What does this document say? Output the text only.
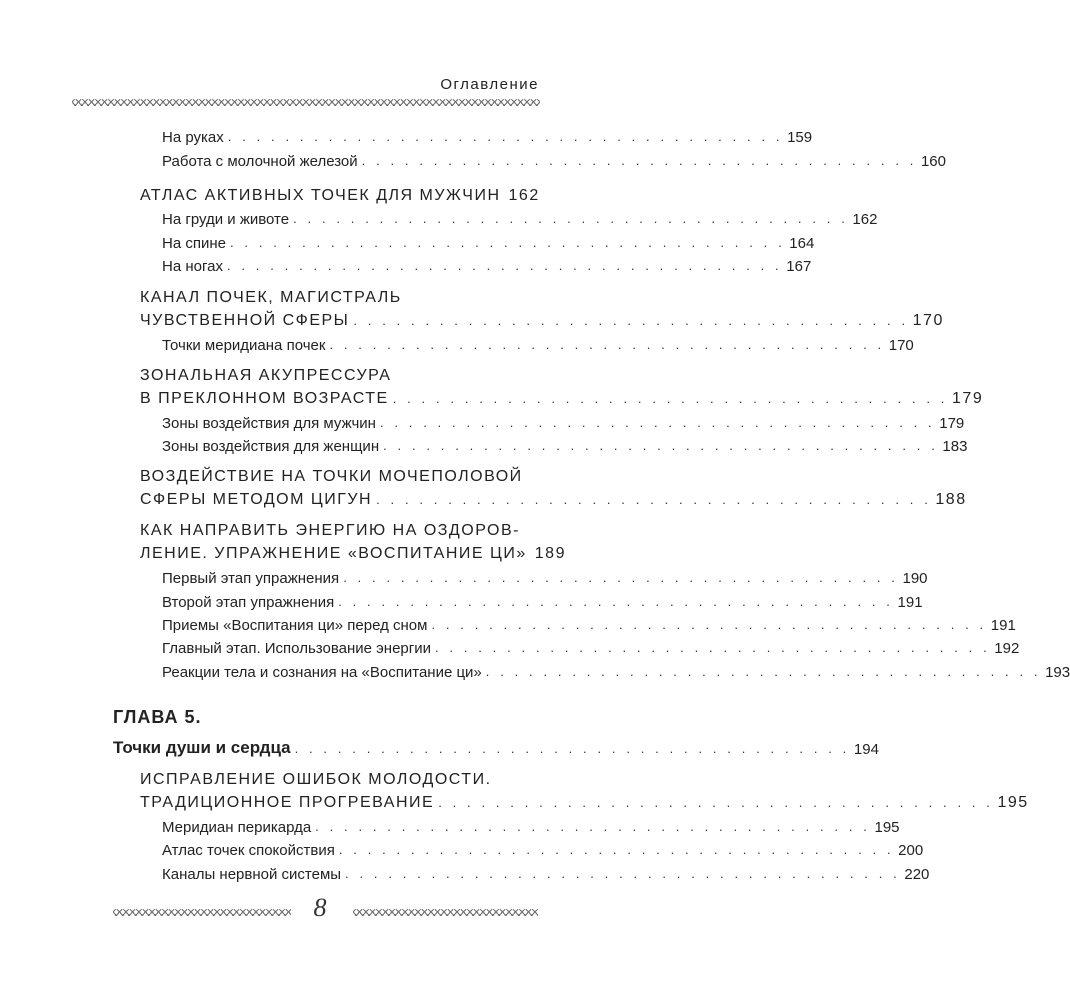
Оглавление
На руках . . . . . . . . . . . . . . . . . . . . . . . . . . . . . . . . . . . . . . . 159
Работа с молочной железой . . . . . . . . . . . . . . . . . . . . . . . . . . . . . . . . . . . . . . . 160
АТЛАС АКТИВНЫХ ТОЧЕК ДЛЯ МУЖЧИН 162
На груди и животе . . . . . . . . . . . . . . . . . . . . . . . . . . . . . . . . . . . . . . . 162
На спине . . . . . . . . . . . . . . . . . . . . . . . . . . . . . . . . . . . . . . . 164
На ногах . . . . . . . . . . . . . . . . . . . . . . . . . . . . . . . . . . . . . . . 167
КАНАЛ ПОЧЕК, МАГИСТРАЛЬ
ЧУВСТВЕННОЙ СФЕРЫ . . . . . . . . . . . . . . . . . . . . . . . . . . . . . . . . . . . . . . . 170
Точки меридиана почек . . . . . . . . . . . . . . . . . . . . . . . . . . . . . . . . . . . . . . . 170
ЗОНАЛЬНАЯ АКУПРЕССУРА
В ПРЕКЛОННОМ ВОЗРАСТЕ . . . . . . . . . . . . . . . . . . . . . . . . . . . . . . . . . . . . . . . 179
Зоны воздействия для мужчин . . . . . . . . . . . . . . . . . . . . . . . . . . . . . . . . . . . . . . . 179
Зоны воздействия для женщин . . . . . . . . . . . . . . . . . . . . . . . . . . . . . . . . . . . . . . . 183
ВОЗДЕЙСТВИЕ НА ТОЧКИ МОЧЕПОЛОВОЙ
СФЕРЫ МЕТОДОМ ЦИГУН . . . . . . . . . . . . . . . . . . . . . . . . . . . . . . . . . . . . . . . 188
КАК НАПРАВИТЬ ЭНЕРГИЮ НА ОЗДОРОВ-
ЛЕНИЕ. УПРАЖНЕНИЕ «ВОСПИТАНИЕ ЦИ» 189
Первый этап упражнения . . . . . . . . . . . . . . . . . . . . . . . . . . . . . . . . . . . . . . . 190
Второй этап упражнения . . . . . . . . . . . . . . . . . . . . . . . . . . . . . . . . . . . . . . . 191
Приемы «Воспитания ци» перед сном . . . . . . . . . . . . . . . . . . . . . . . . . . . . . . . . . . . . . . . 191
Главный этап. Использование энергии . . . . . . . . . . . . . . . . . . . . . . . . . . . . . . . . . . . . . . . 192
Реакции тела и сознания на «Воспитание ци» . . . . . . . . . . . . . . . . . . . . . . . . . . . . . . . . . . . . . . . 193
ГЛАВА 5.
Точки души и сердца . . . . . . . . . . . . . . . . . . . . . . . . . . . . . . . . . . . . . . . 194
ИСПРАВЛЕНИЕ ОШИБОК МОЛОДОСТИ.
ТРАДИЦИОННОЕ ПРОГРЕВАНИЕ . . . . . . . . . . . . . . . . . . . . . . . . . . . . . . . . . . . . . . . 195
Меридиан перикарда . . . . . . . . . . . . . . . . . . . . . . . . . . . . . . . . . . . . . . . 195
Атлас точек спокойствия . . . . . . . . . . . . . . . . . . . . . . . . . . . . . . . . . . . . . . . 200
Каналы нервной системы . . . . . . . . . . . . . . . . . . . . . . . . . . . . . . . . . . . . . . . 220
8
